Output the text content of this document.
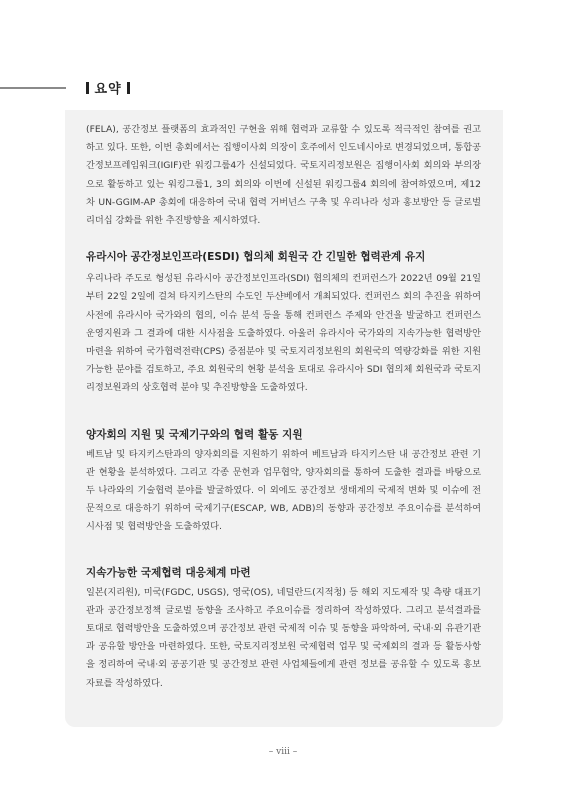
요약

(FELA), 공간정보 플랫폼의 효과적인 구현을 위해 협력과 교류할 수 있도록 적극적인 참여를 권고하고 있다. 또한, 이번 총회에서는 집행이사회 의장이 호주에서 인도네시아로 변경되었으며, 통합공간정보프레임워크(IGIF)란 워킹그룹4가 신설되었다. 국토지리정보원은 집행이사회 회의와 부의장으로 활동하고 있는 워킹그룹1, 3의 회의와 이번에 신설된 워킹그룹4 회의에 참여하였으며, 제12차 UN-GGIM-AP 총회에 대응하여 국내 협력 거버넌스 구축 및 우리나라 성과 홍보방안 등 글로벌 리더십 강화를 위한 추진방향을 제시하였다.

유라시아 공간정보인프라(ESDI) 협의체 회원국 간 긴밀한 협력관계 유지

우리나라 주도로 형성된 유라시아 공간정보인프라(SDI) 협의체의 컨퍼런스가 2022년 09월 21일부터 22일 2일에 걸쳐 타지키스탄의 수도인 두샨베에서 개최되었다. 컨퍼런스 회의 추진을 위하여 사전에 유라시아 국가와의 협의, 이슈 분석 등을 통해 컨퍼런스 주제와 안건을 발굴하고 컨퍼런스 운영지원과 그 결과에 대한 시사점을 도출하였다. 아울러 유라시아 국가와의 지속가능한 협력방안 마련을 위하여 국가협력전략(CPS) 중점분야 및 국토지리정보원의 회원국의 역량강화를 위한 지원 가능한 분야를 검토하고, 주요 회원국의 현황 분석을 토대로 유라시아 SDI 협의체 회원국과 국토지리정보원과의 상호협력 분야 및 추진방향을 도출하였다.

양자회의 지원 및 국제기구와의 협력 활동 지원

베트남 및 타지키스탄과의 양자회의를 지원하기 위하여 베트남과 타지키스탄 내 공간정보 관련 기관 현황을 분석하였다. 그리고 각종 문헌과 업무협약, 양자회의를 통하여 도출한 결과를 바탕으로 두 나라와의 기술협력 분야를 발굴하였다. 이 외에도 공간정보 생태계의 국제적 변화 및 이슈에 전문적으로 대응하기 위하여 국제기구(ESCAP, WB, ADB)의 동향과 공간정보 주요이슈를 분석하여 시사점 및 협력방안을 도출하였다.

지속가능한 국제협력 대응체계 마련

일본(지리원), 미국(FGDC, USGS), 영국(OS), 네덜란드(지적청) 등 해외 지도제작 및 측량 대표기관과 공간정보정책 글로벌 동향을 조사하고 주요이슈를 정리하여 작성하였다. 그리고 분석결과를 토대로 협력방안을 도출하였으며 공간정보 관련 국제적 이슈 및 동향을 파악하여, 국내·외 유관기관과 공유할 방안을 마련하였다. 또한, 국토지리정보원 국제협력 업무 및 국제회의 결과 등 활동사항을 정리하여 국내·외 공공기관 및 공간정보 관련 사업체들에게 관련 정보를 공유할 수 있도록 홍보자료를 작성하였다.

– viii –
